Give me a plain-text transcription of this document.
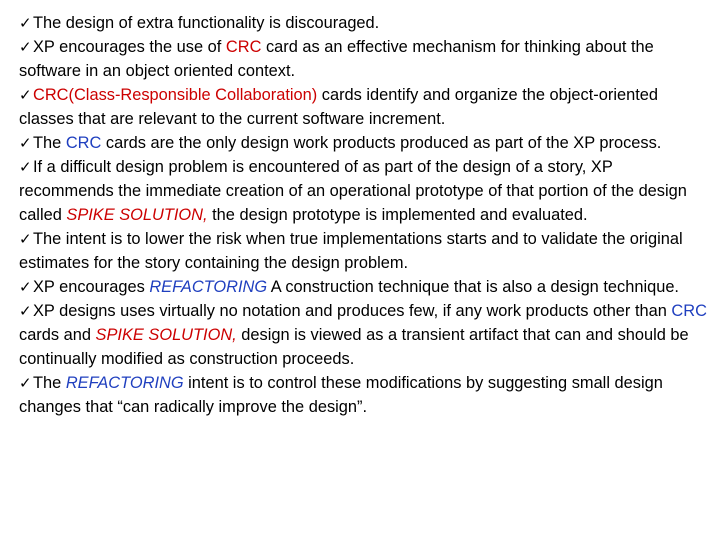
✓The design of extra functionality is discouraged.

✓XP encourages the use of CRC card as an effective mechanism for thinking about the software in an object oriented context.

✓CRC(Class-Responsible Collaboration) cards identify and organize the object-oriented classes that are relevant to the current software increment.

✓The CRC cards are the only design work products produced as part of the XP process.

✓If a difficult design problem is encountered of as part of the design of a story, XP recommends the immediate creation of an operational prototype of that portion of the design called SPIKE SOLUTION, the design prototype is implemented and evaluated.

✓The intent is to lower the risk when true implementations starts and to validate the original estimates for the story containing the design problem.

✓XP encourages REFACTORING A construction technique that is also a design technique.

✓XP designs uses virtually no notation and produces few, if any work products other than CRC cards and SPIKE SOLUTION, design is viewed as a transient artifact that can and should be continually modified as construction proceeds.

✓The REFACTORING intent is to control these modifications by suggesting small design changes that “can radically improve the design”.
